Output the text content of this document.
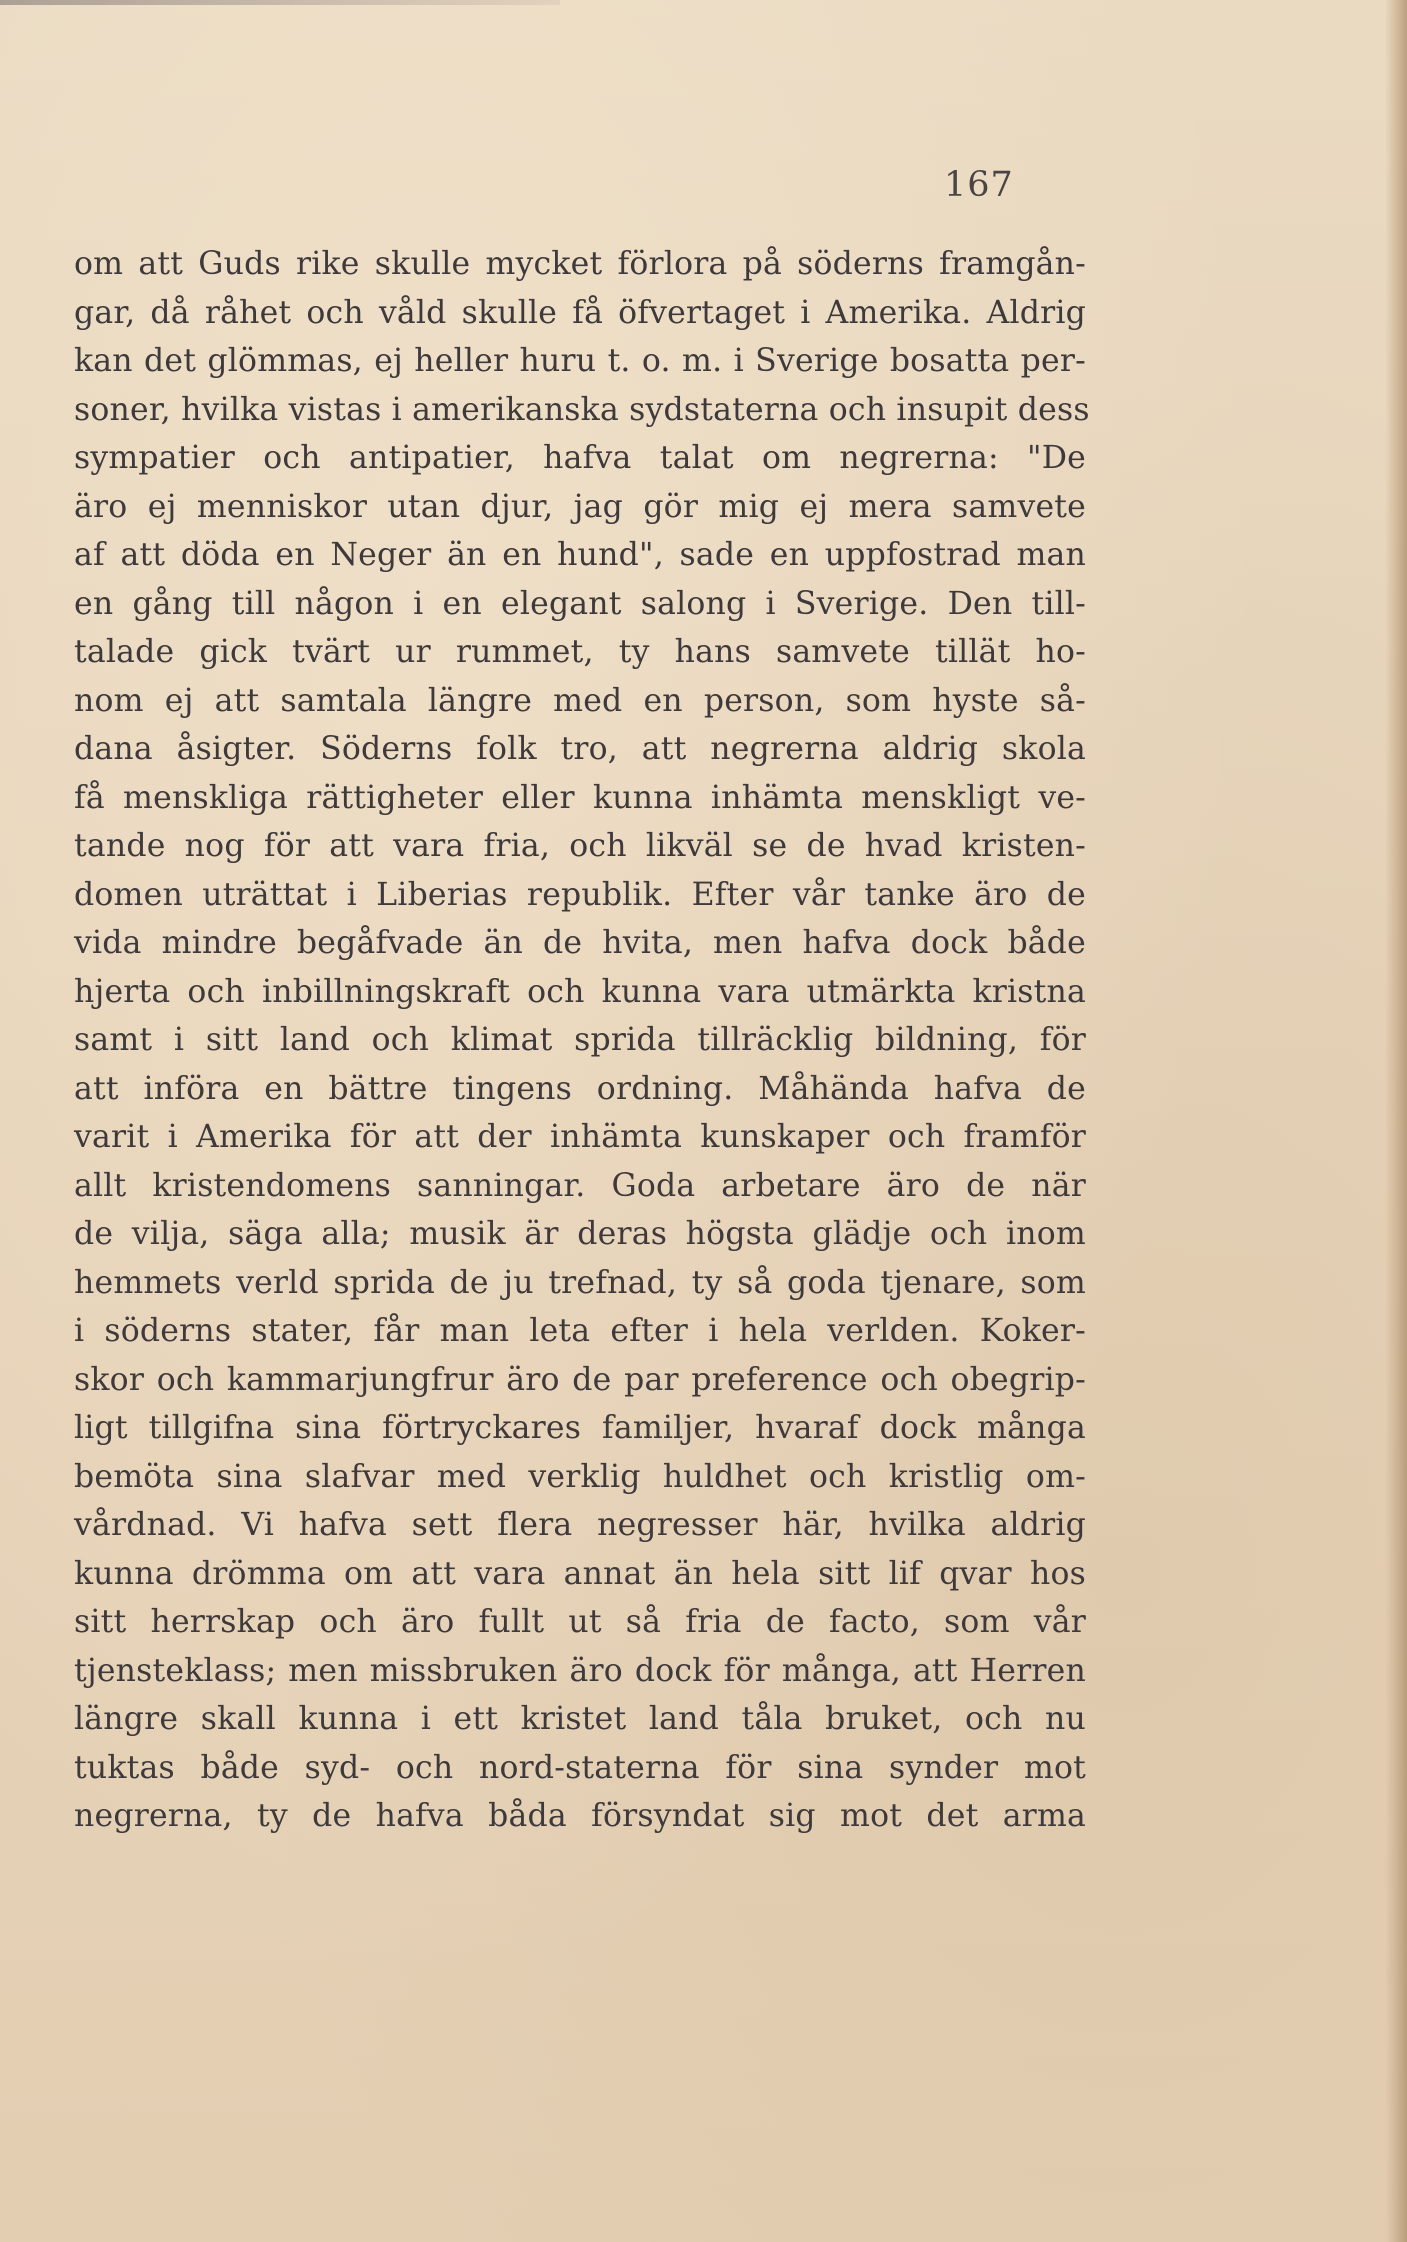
167
om att Guds rike skulle mycket förlora på söderns framgån-
gar, då råhet och våld skulle få öfvertaget i Amerika. Aldrig
kan det glömmas, ej heller huru t. o. m. i Sverige bosatta per-
soner, hvilka vistas i amerikanska sydstaterna och insupit dess
sympatier och antipatier, hafva talat om negrerna: "De
äro ej menniskor utan djur, jag gör mig ej mera samvete
af att döda en Neger än en hund", sade en uppfostrad man
en gång till någon i en elegant salong i Sverige. Den till-
talade gick tvärt ur rummet, ty hans samvete tillät ho-
nom ej att samtala längre med en person, som hyste så-
dana åsigter. Söderns folk tro, att negrerna aldrig skola
få menskliga rättigheter eller kunna inhämta menskligt ve-
tande nog för att vara fria, och likväl se de hvad kristen-
domen uträttat i Liberias republik. Efter vår tanke äro de
vida mindre begåfvade än de hvita, men hafva dock både
hjerta och inbillningskraft och kunna vara utmärkta kristna
samt i sitt land och klimat sprida tillräcklig bildning, för
att införa en bättre tingens ordning. Måhända hafva de
varit i Amerika för att der inhämta kunskaper och framför
allt kristendomens sanningar. Goda arbetare äro de när
de vilja, säga alla; musik är deras högsta glädje och inom
hemmets verld sprida de ju trefnad, ty så goda tjenare, som
i söderns stater, får man leta efter i hela verlden. Koker-
skor och kammarjungfrur äro de par preference och obegrip-
ligt tillgifna sina förtryckares familjer, hvaraf dock många
bemöta sina slafvar med verklig huldhet och kristlig om-
vårdnad. Vi hafva sett flera negresser här, hvilka aldrig
kunna drömma om att vara annat än hela sitt lif qvar hos
sitt herrskap och äro fullt ut så fria de facto, som vår
tjensteklass; men missbruken äro dock för många, att Herren
längre skall kunna i ett kristet land tåla bruket, och nu
tuktas både syd- och nord-staterna för sina synder mot
negrerna, ty de hafva båda försyndat sig mot det arma
